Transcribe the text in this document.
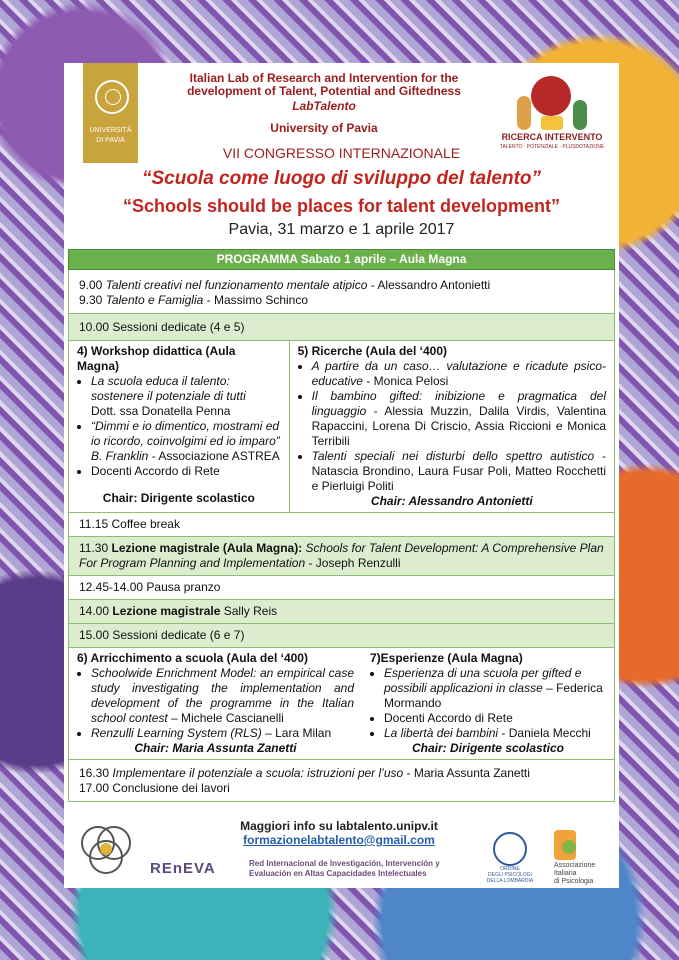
UNIVERSITÀ
DI PAVIA
Italian Lab of Research and Intervention for the
development of Talent, Potential and Giftedness
LabTalento
University of Pavia
VII CONGRESSO INTERNAZIONALE
“Scuola come luogo di sviluppo del talento”
“Schools should be places for talent development”
Pavia, 31 marzo e 1 aprile 2017
RICERCA INTERVENTO
TALENTO · POTENZIALE · PLUSDOTAZIONE
PROGRAMMA Sabato 1 aprile – Aula Magna
9.00 Talenti creativi nel funzionamento mentale atipico - Alessandro Antonietti
9.30 Talento e Famiglia - Massimo Schinco
10.00 Sessioni dedicate (4 e 5)
4) Workshop didattica (Aula Magna)
• La scuola educa il talento: sostenere il potenziale di tutti
Dott. ssa Donatella Penna
• “Dimmi e io dimentico, mostrami ed io ricordo, coinvolgimi ed io imparo” B. Franklin - Associazione ASTREA
• Docenti Accordo di Rete
Chair: Dirigente scolastico
5) Ricerche (Aula del ‘400)
• A partire da un caso… valutazione e ricadute psico-educative - Monica Pelosi
• Il bambino gifted: inibizione e pragmatica del linguaggio - Alessia Muzzin, Dalila Virdis, Valentina Rapaccini, Lorena Di Criscio, Assia Riccioni e Monica Terribili
• Talenti speciali nei disturbi dello spettro autistico - Natascia Brondino, Laura Fusar Poli, Matteo Rocchetti e Pierluigi Politi
Chair: Alessandro Antonietti
11.15 Coffee break
11.30 Lezione magistrale (Aula Magna): Schools for Talent Development: A Comprehensive Plan For Program Planning and Implementation - Joseph Renzulli
12.45-14.00 Pausa pranzo
14.00 Lezione magistrale Sally Reis
15.00 Sessioni dedicate (6 e 7)
6) Arricchimento a scuola (Aula del ‘400)
• Schoolwide Enrichment Model: an empirical case study investigating the implementation and development of the programme in the Italian school contest – Michele Cascianelli
• Renzulli Learning System (RLS) – Lara Milan
Chair: Maria Assunta Zanetti
7)Esperienze (Aula Magna)
• Esperienza di una scuola per gifted e possibili applicazioni in classe – Federica Mormando
• Docenti Accordo di Rete
• La libertà dei bambini - Daniela Mecchi
Chair: Dirigente scolastico
16.30 Implementare il potenziale a scuola: istruzioni per l’uso - Maria Assunta Zanetti
17.00 Conclusione dei lavori
Maggiori info su labtalento.unipv.it
formazionelabtalento@gmail.com
REnEVA	Red Internacional de Investigación, Intervención y Evaluación en Altas Capacidades Intelectuales	ORDINE
DEGLI PSICOLOGI
DELLA LOMBARDIA
Associazione
Italiana
di Psicologia
